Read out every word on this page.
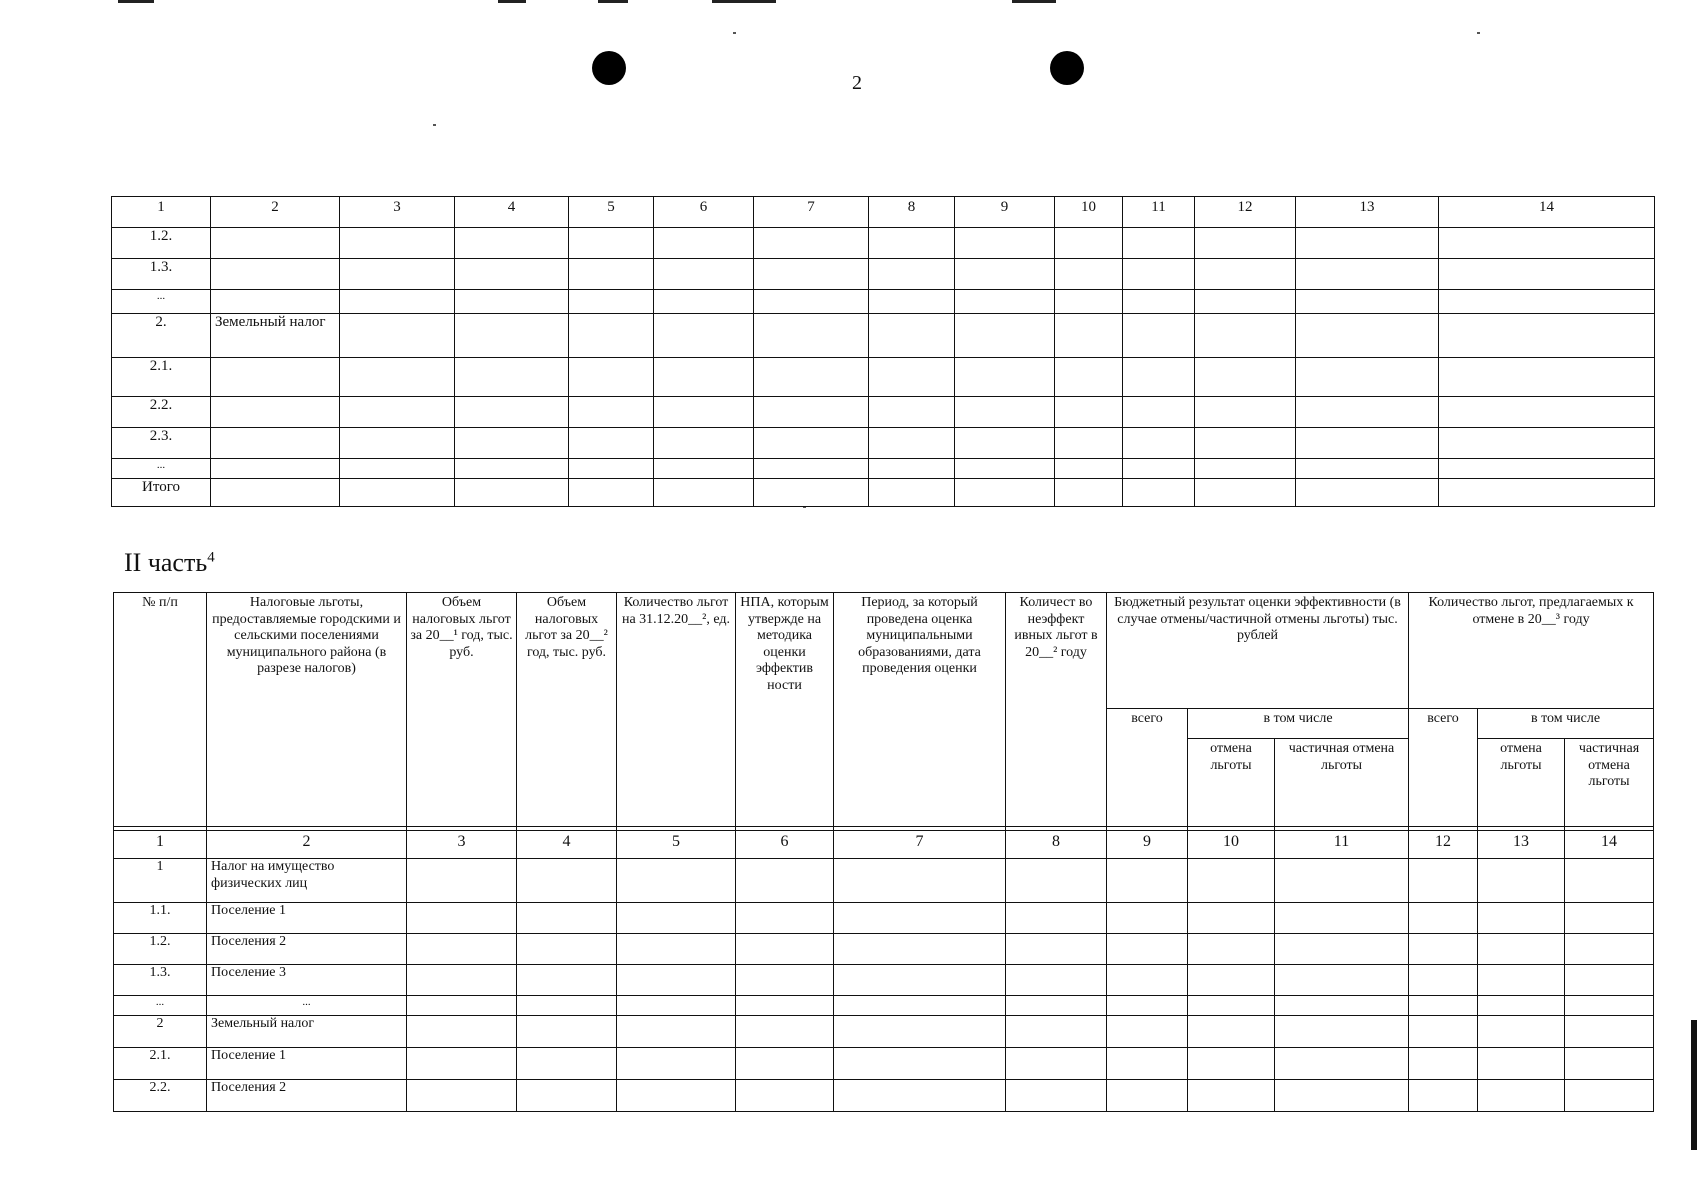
2
1	2	3	4	5	6	7	8	9	10	11	12	13	14
1.2.													
1.3.													
...													
2.	Земельный налог												
2.1.													
2.2.													
2.3.													
...													
Итого													
II часть$^4$
№ п/п	Налоговые льготы, предоставляемые городскими и сельскими поселениями муниципального района (в разрезе налогов)	Объем налоговых льгот за 20__¹ год, тыс. руб.	Объем налоговых льгот за 20__² год, тыс. руб.	Количество льгот на 31.12.20__², ед.	НПА, которым утвержде на методика оценки эффектив ности	Период, за который проведена оценка муниципальными образованиями, дата проведения оценки	Количест во неэффект ивных льгот в 20__² году	Бюджетный результат оценки эффективности (в случае отмены/частичной отмены льготы) тыс. рублей			Количество льгот, предлагаемых к отмене в 20__³ году		
								всего	в том числе		всего	в том числе	
									отмена льготы	частичная отмена льготы		отмена льготы	частичная отмена льготы

1	2	3	4	5	6	7	8	9	10	11	12	13	14
1	Налог на имущество физических лиц												
1.1.	Поселение 1												
1.2.	Поселения 2												
1.3.	Поселение 3												
...	...												
2	Земельный налог												
2.1.	Поселение 1												
2.2.	Поселения 2												
